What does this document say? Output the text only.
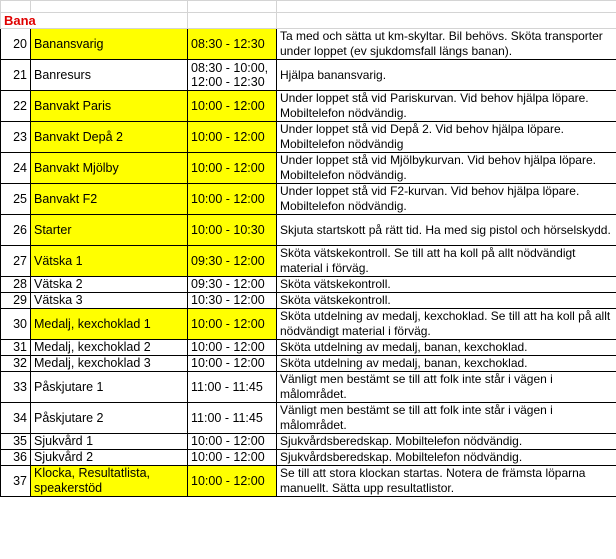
Bana			
20	Banansvarig	08:30 - 12:30	Ta med och sätta ut km-skyltar. Bil behövs. Sköta transporter under loppet (ev sjukdomsfall längs banan).
21	Banresurs	08:30 - 10:00, 12:00 - 12:30	Hjälpa banansvarig.
22	Banvakt Paris	10:00 - 12:00	Under loppet stå vid Pariskurvan. Vid behov hjälpa löpare. Mobiltelefon nödvändig.
23	Banvakt Depå 2	10:00 - 12:00	Under loppet stå vid Depå 2. Vid behov hjälpa löpare. Mobiltelefon nödvändig
24	Banvakt Mjölby	10:00 - 12:00	Under loppet stå vid Mjölbykurvan. Vid behov hjälpa löpare. Mobiltelefon nödvändig.
25	Banvakt F2	10:00 - 12:00	Under loppet stå vid F2-kurvan. Vid behov hjälpa löpare. Mobiltelefon nödvändig.
26	Starter	10:00 - 10:30	Skjuta startskott på rätt tid. Ha med sig pistol och hörselskydd.
27	Vätska 1	09:30 - 12:00	Sköta vätskekontroll. Se till att ha koll på allt nödvändigt material i förväg.
28	Vätska 2	09:30 - 12:00	Sköta vätskekontroll.
29	Vätska 3	10:30 - 12:00	Sköta vätskekontroll.
30	Medalj, kexchoklad 1	10:00 - 12:00	Sköta utdelning av medalj, kexchoklad. Se till att ha koll på allt nödvändigt material i förväg.
31	Medalj, kexchoklad 2	10:00 - 12:00	Sköta utdelning av medalj, banan, kexchoklad.
32	Medalj, kexchoklad 3	10:00 - 12:00	Sköta utdelning av medalj, banan, kexchoklad.
33	Påskjutare 1	11:00 - 11:45	Vänligt men bestämt se till att folk inte står i vägen i målområdet.
34	Påskjutare 2	11:00 - 11:45	Vänligt men bestämt se till att folk inte står i vägen i målområdet.
35	Sjukvård 1	10:00 - 12:00	Sjukvårdsberedskap. Mobiltelefon nödvändig.
36	Sjukvård 2	10:00 - 12:00	Sjukvårdsberedskap. Mobiltelefon nödvändig.
37	Klocka, Resultatlista, speakerstöd	10:00 - 12:00	Se till att stora klockan startas. Notera de främsta löparna manuellt. Sätta upp resultatlistor.
